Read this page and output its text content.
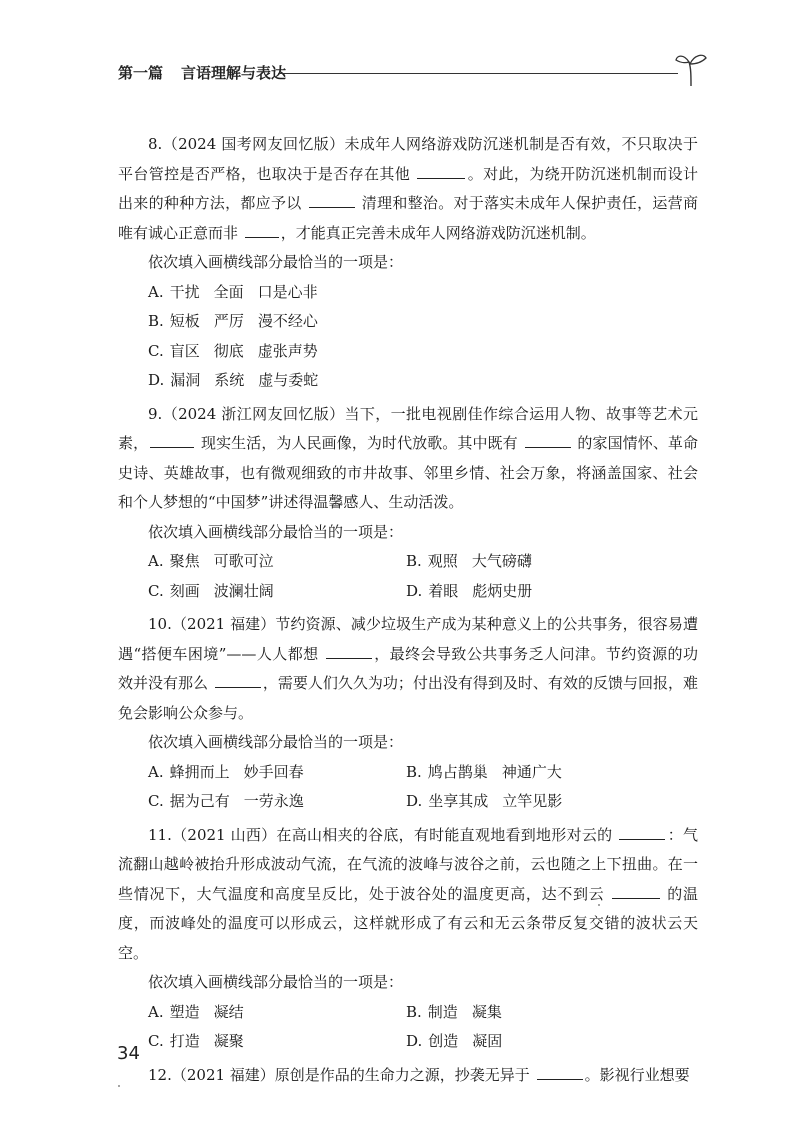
第一篇 言语理解与表达

8.（2024 国考网友回忆版）未成年人网络游戏防沉迷机制是否有效，不只取决于平台管控是否严格，也取决于是否存在其他	。对此，为绕开防沉迷机制而设计出来的种种方法，都应予以	清理和整治。对于落实未成年人保护责任，运营商唯有诚心正意而非	，才能真正完善未成年人网络游戏防沉迷机制。

依次填入画横线部分最恰当的一项是：

A. 干扰 全面 口是心非
B. 短板 严厉 漫不经心
C. 盲区 彻底 虚张声势
D. 漏洞 系统 虚与委蛇

9.（2024 浙江网友回忆版）当下，一批电视剧佳作综合运用人物、故事等艺术元素，	现实生活，为人民画像，为时代放歌。其中既有	的家国情怀、革命史诗、英雄故事，也有微观细致的市井故事、邻里乡情、社会万象，将涵盖国家、社会和个人梦想的“中国梦”讲述得温馨感人、生动活泼。

依次填入画横线部分最恰当的一项是：

A. 聚焦 可歌可泣	B. 观照 大气磅礴
C. 刻画 波澜壮阔	D. 着眼 彪炳史册

10.（2021 福建）节约资源、减少垃圾生产成为某种意义上的公共事务，很容易遭遇“搭便车困境”——人人都想	，最终会导致公共事务乏人问津。节约资源的功效并没有那么	，需要人们久久为功；付出没有得到及时、有效的反馈与回报，难免会影响公众参与。

依次填入画横线部分最恰当的一项是：

A. 蜂拥而上 妙手回春	B. 鸠占鹊巢 神通广大
C. 据为己有 一劳永逸	D. 坐享其成 立竿见影

11.（2021 山西）在高山相夹的谷底，有时能直观地看到地形对云的	：气流翻山越岭被抬升形成波动气流，在气流的波峰与波谷之前，云也随之上下扭曲。在一些情况下，大气温度和高度呈反比，处于波谷处的温度更高，达不到云	的温度，而波峰处的温度可以形成云，这样就形成了有云和无云条带反复交错的波状云天空。

依次填入画横线部分最恰当的一项是：

A. 塑造 凝结	B. 制造 凝集
C. 打造 凝聚	D. 创造 凝固

12.（2021 福建）原创是作品的生命力之源，抄袭无异于	。影视行业想要

34
